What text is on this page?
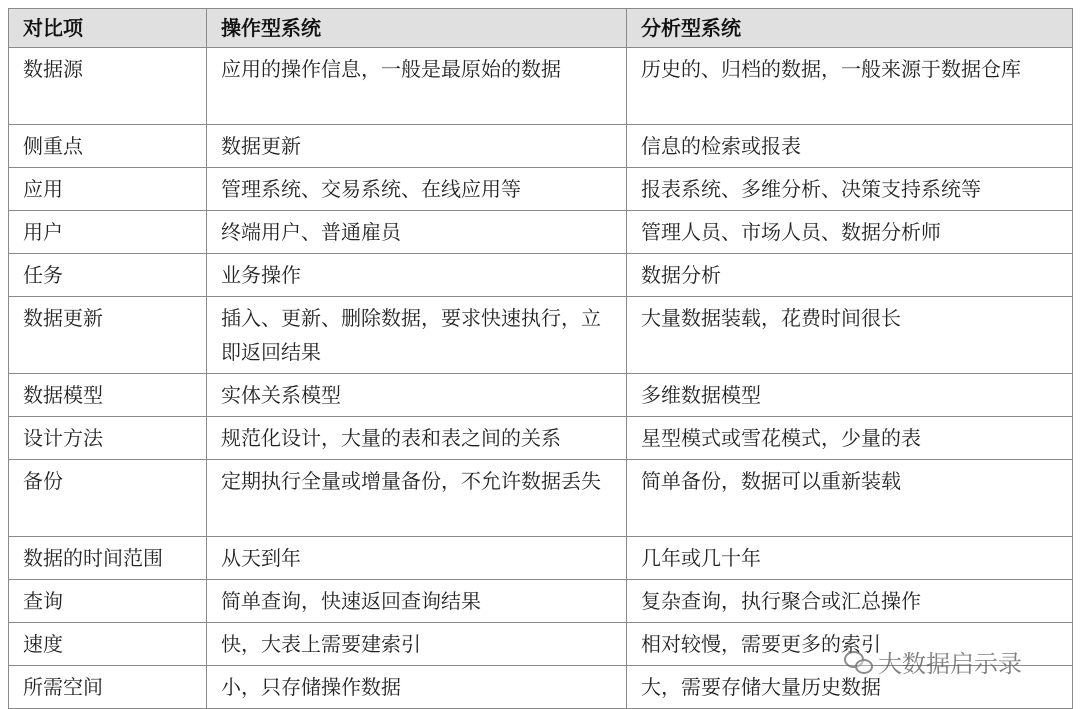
对比项	操作型系统	分析型系统
数据源	应用的操作信息，一般是最原始的数据	历史的、归档的数据，一般来源于数据仓库
侧重点	数据更新	信息的检索或报表
应用	管理系统、交易系统、在线应用等	报表系统、多维分析、决策支持系统等
用户	终端用户、普通雇员	管理人员、市场人员、数据分析师
任务	业务操作	数据分析
数据更新	插入、更新、删除数据，要求快速执行，立即返回结果	大量数据装载，花费时间很长
数据模型	实体关系模型	多维数据模型
设计方法	规范化设计，大量的表和表之间的关系	星型模式或雪花模式，少量的表
备份	定期执行全量或增量备份，不允许数据丢失	简单备份，数据可以重新装载
数据的时间范围	从天到年	几年或几十年
查询	简单查询，快速返回查询结果	复杂查询，执行聚合或汇总操作
速度	快，大表上需要建索引	相对较慢，需要更多的索引
所需空间	小，只存储操作数据	大，需要存储大量历史数据
大数据启示录
